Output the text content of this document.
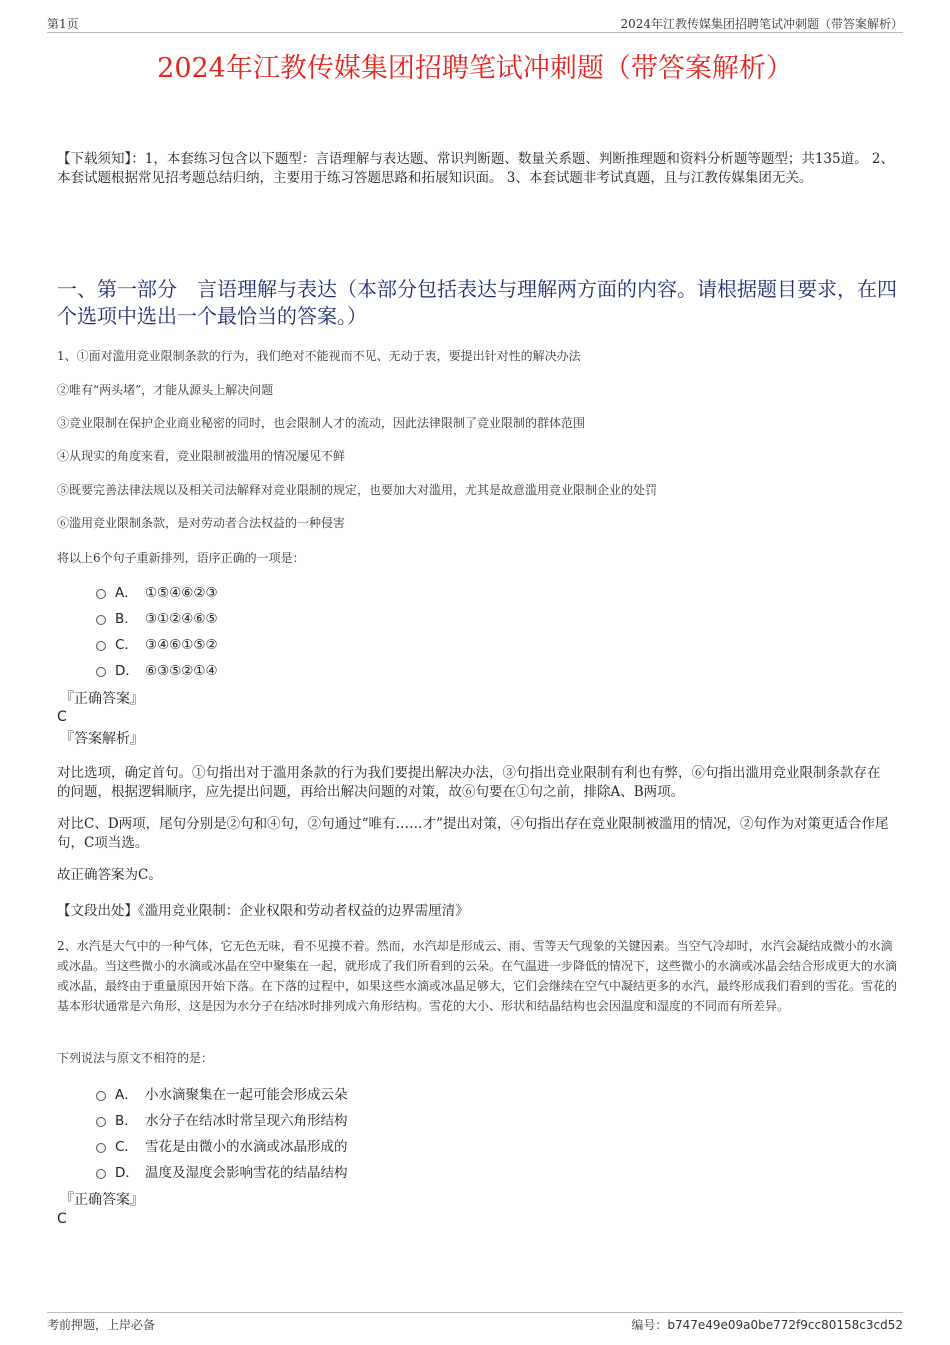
第1页	2024年江教传媒集团招聘笔试冲刺题（带答案解析）
2024年江教传媒集团招聘笔试冲刺题（带答案解析）
【下载须知】：1，本套练习包含以下题型：言语理解与表达题、常识判断题、数量关系题、判断推理题和资料分析题等题型；共135道。 2、本套试题根据常见招考题总结归纳，主要用于练习答题思路和拓展知识面。 3、本套试题非考试真题，且与江教传媒集团无关。
一、第一部分　言语理解与表达（本部分包括表达与理解两方面的内容。请根据题目要求，在四个选项中选出一个最恰当的答案。）
1、①面对滥用竞业限制条款的行为，我们绝对不能视而不见、无动于衷，要提出针对性的解决办法
②唯有“两头堵”，才能从源头上解决问题
③竞业限制在保护企业商业秘密的同时，也会限制人才的流动，因此法律限制了竞业限制的群体范围
④从现实的角度来看，竞业限制被滥用的情况屡见不鲜
⑤既要完善法律法规以及相关司法解释对竞业限制的规定，也要加大对滥用，尤其是故意滥用竞业限制企业的处罚
⑥滥用竞业限制条款，是对劳动者合法权益的一种侵害
将以上6个句子重新排列，语序正确的一项是：
A． ①⑤④⑥②③
B． ③①②④⑥⑤
C． ③④⑥①⑤②
D． ⑥③⑤②①④
『正确答案』
C
『答案解析』
对比选项，确定首句。①句指出对于滥用条款的行为我们要提出解决办法，③句指出竞业限制有利也有弊，⑥句指出滥用竞业限制条款存在的问题，根据逻辑顺序，应先提出问题，再给出解决问题的对策，故⑥句要在①句之前，排除A、B两项。
对比C、D两项，尾句分别是②句和④句，②句通过“唯有……才”提出对策，④句指出存在竞业限制被滥用的情况，②句作为对策更适合作尾句，C项当选。
故正确答案为C。
【文段出处】《滥用竞业限制：企业权限和劳动者权益的边界需厘清》
2、水汽是大气中的一种气体，它无色无味，看不见摸不着。然而，水汽却是形成云、雨、雪等天气现象的关键因素。当空气冷却时，水汽会凝结成微小的水滴或冰晶。当这些微小的水滴或冰晶在空中聚集在一起，就形成了我们所看到的云朵。在气温进一步降低的情况下，这些微小的水滴或冰晶会结合形成更大的水滴或冰晶，最终由于重量原因开始下落。在下落的过程中，如果这些水滴或冰晶足够大，它们会继续在空气中凝结更多的水汽，最终形成我们看到的雪花。雪花的基本形状通常是六角形，这是因为水分子在结冰时排列成六角形结构。雪花的大小、形状和结晶结构也会因温度和湿度的不同而有所差异。
下列说法与原文不相符的是：
A． 小水滴聚集在一起可能会形成云朵
B． 水分子在结冰时常呈现六角形结构
C． 雪花是由微小的水滴或冰晶形成的
D． 温度及湿度会影响雪花的结晶结构
『正确答案』
C
考前押题，上岸必备	编号：b747e49e09a0be772f9cc80158c3cd52
